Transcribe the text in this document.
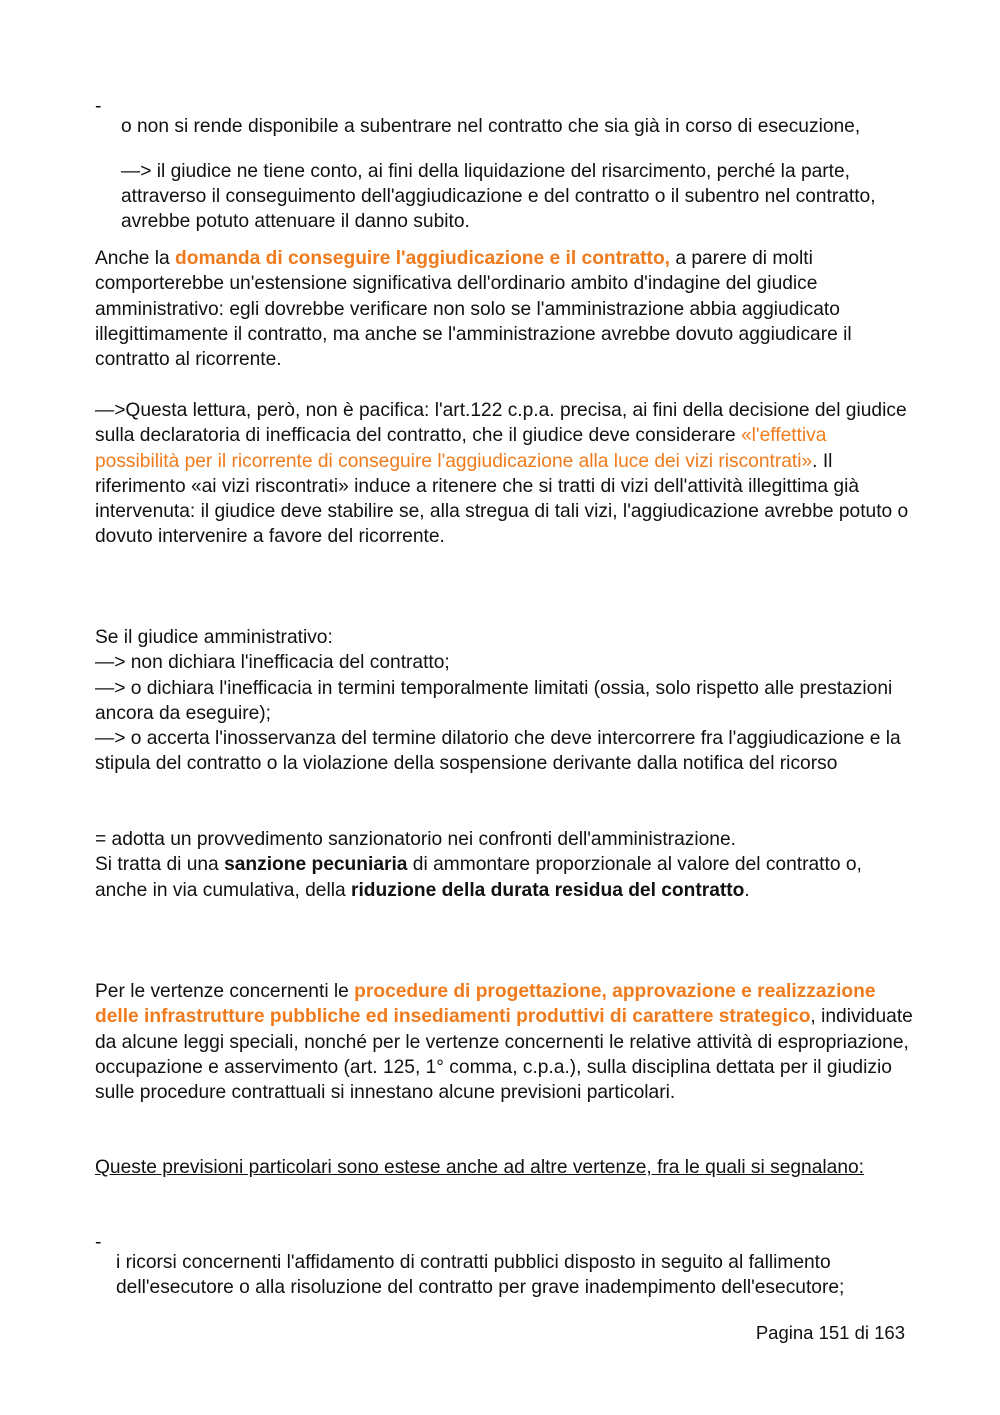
-

o non si rende disponibile a subentrare nel contratto che sia già in corso di esecuzione,

—> il giudice ne tiene conto, ai fini della liquidazione del risarcimento, perché la parte, attraverso il conseguimento dell'aggiudicazione e del contratto o il subentro nel contratto, avrebbe potuto attenuare il danno subito.

Anche la domanda di conseguire l'aggiudicazione e il contratto, a parere di molti comporterebbe un'estensione significativa dell'ordinario ambito d'indagine del giudice amministrativo: egli dovrebbe verificare non solo se l'amministrazione abbia aggiudicato illegittimamente il contratto, ma anche se l'amministrazione avrebbe dovuto aggiudicare il contratto al ricorrente.

—>Questa lettura, però, non è pacifica: l'art.122 c.p.a. precisa, ai fini della decisione del giudice sulla declaratoria di inefficacia del contratto, che il giudice deve considerare «l'effettiva possibilità per il ricorrente di conseguire l'aggiudicazione alla luce dei vizi riscontrati». Il riferimento «ai vizi riscontrati» induce a ritenere che si tratti di vizi dell'attività illegittima già intervenuta: il giudice deve stabilire se, alla stregua di tali vizi, l'aggiudicazione avrebbe potuto o dovuto intervenire a favore del ricorrente.

Se il giudice amministrativo:

—> non dichiara l'inefficacia del contratto;

—> o dichiara l'inefficacia in termini temporalmente limitati (ossia, solo rispetto alle prestazioni ancora da eseguire);

—> o accerta l'inosservanza del termine dilatorio che deve intercorrere fra l'aggiudicazione e la stipula del contratto o la violazione della sospensione derivante dalla notifica del ricorso

= adotta un provvedimento sanzionatorio nei confronti dell'amministrazione.

Si tratta di una sanzione pecuniaria di ammontare proporzionale al valore del contratto o, anche in via cumulativa, della riduzione della durata residua del contratto.

Per le vertenze concernenti le procedure di progettazione, approvazione e realizzazione delle infrastrutture pubbliche ed insediamenti produttivi di carattere strategico, individuate da alcune leggi speciali, nonché per le vertenze concernenti le relative attività di espropriazione, occupazione e asservimento (art. 125, 1° comma, c.p.a.), sulla disciplina dettata per il giudizio sulle procedure contrattuali si innestano alcune previsioni particolari.

Queste previsioni particolari sono estese anche ad altre vertenze, fra le quali si segnalano:

-

i ricorsi concernenti l'affidamento di contratti pubblici disposto in seguito al fallimento dell'esecutore o alla risoluzione del contratto per grave inadempimento dell'esecutore;

Pagina 151 di 163
